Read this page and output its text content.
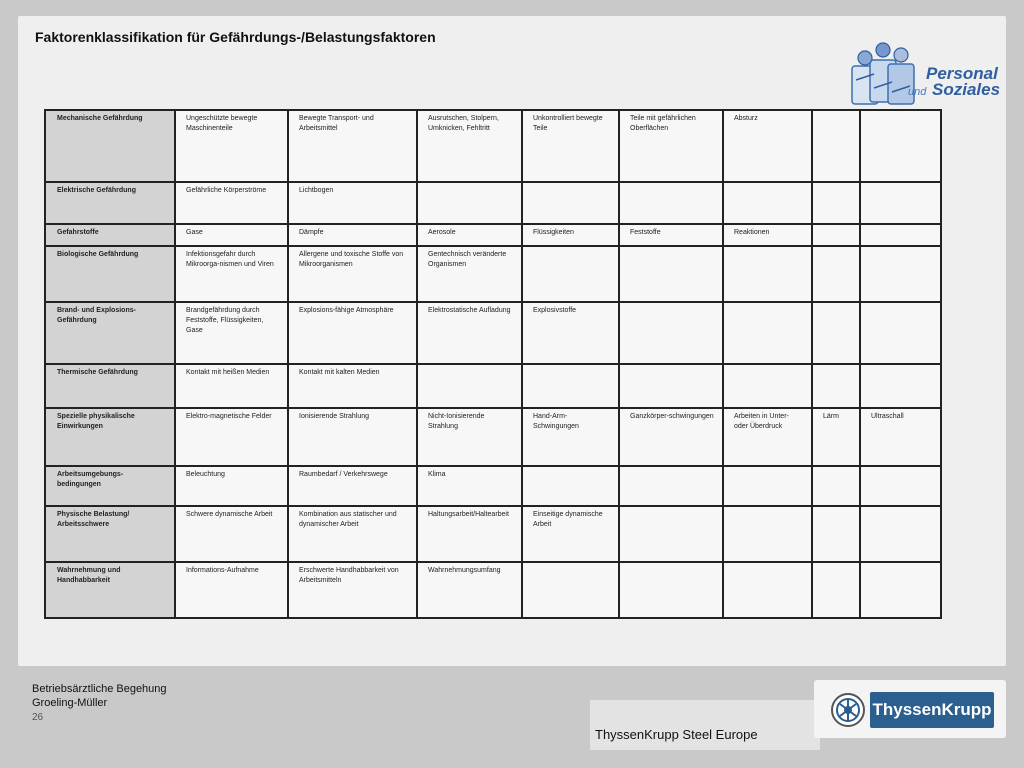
Faktorenklassifikation für Gefährdungs-/Belastungsfaktoren
Personal
und Soziales
Mechanische Gefährdung	Ungeschützte bewegte Maschinenteile	Bewegte Transport- und Arbeitsmittel	Ausrutschen, Stolpern, Umknicken, Fehltritt	Unkontrolliert bewegte Teile	Teile mit gefährlichen Oberflächen	Absturz		
Elektrische Gefährdung	Gefährliche Körperströme	Lichtbogen						
Gefahrstoffe	Gase	Dämpfe	Aerosole	Flüssigkeiten	Feststoffe	Reaktionen		
Biologische Gefährdung	Infektionsgefahr durch Mikroorga-nismen und Viren	Allergene und toxische Stoffe von Mikroorganismen	Gentechnisch veränderte Organismen					
Brand- und Explosions-Gefährdung	Brandgefährdung durch Feststoffe, Flüssigkeiten, Gase	Explosions-fähige Atmosphäre	Elektrostatische Aufladung	Explosivstoffe				
Thermische Gefährdung	Kontakt mit heißen Medien	Kontakt mit kalten Medien						
Spezielle physikalische Einwirkungen	Elektro-magnetische Felder	Ionisierende Strahlung	Nicht-Ionisierende Strahlung	Hand-Arm-Schwingungen	Ganzkörper-schwingungen	Arbeiten in Unter- oder Überdruck	Lärm	Ultraschall
Arbeitsumgebungs-bedingungen	Beleuchtung	Raumbedarf / Verkehrswege	Klima					
Physische Belastung/ Arbeitsschwere	Schwere dynamische Arbeit	Kombination aus statischer und dynamischer Arbeit	Haltungsarbeit/Haltearbeit	Einseitige dynamische Arbeit				
Wahrnehmung und Handhabbarkeit	Informations-Aufnahme	Erschwerte Handhabbarkeit von Arbeitsmitteln	Wahrnehmungsumfang					
Betriebsärztliche Begehung
Groeling-Müller
26
ThyssenKrupp Steel Europe
ThyssenKrupp
